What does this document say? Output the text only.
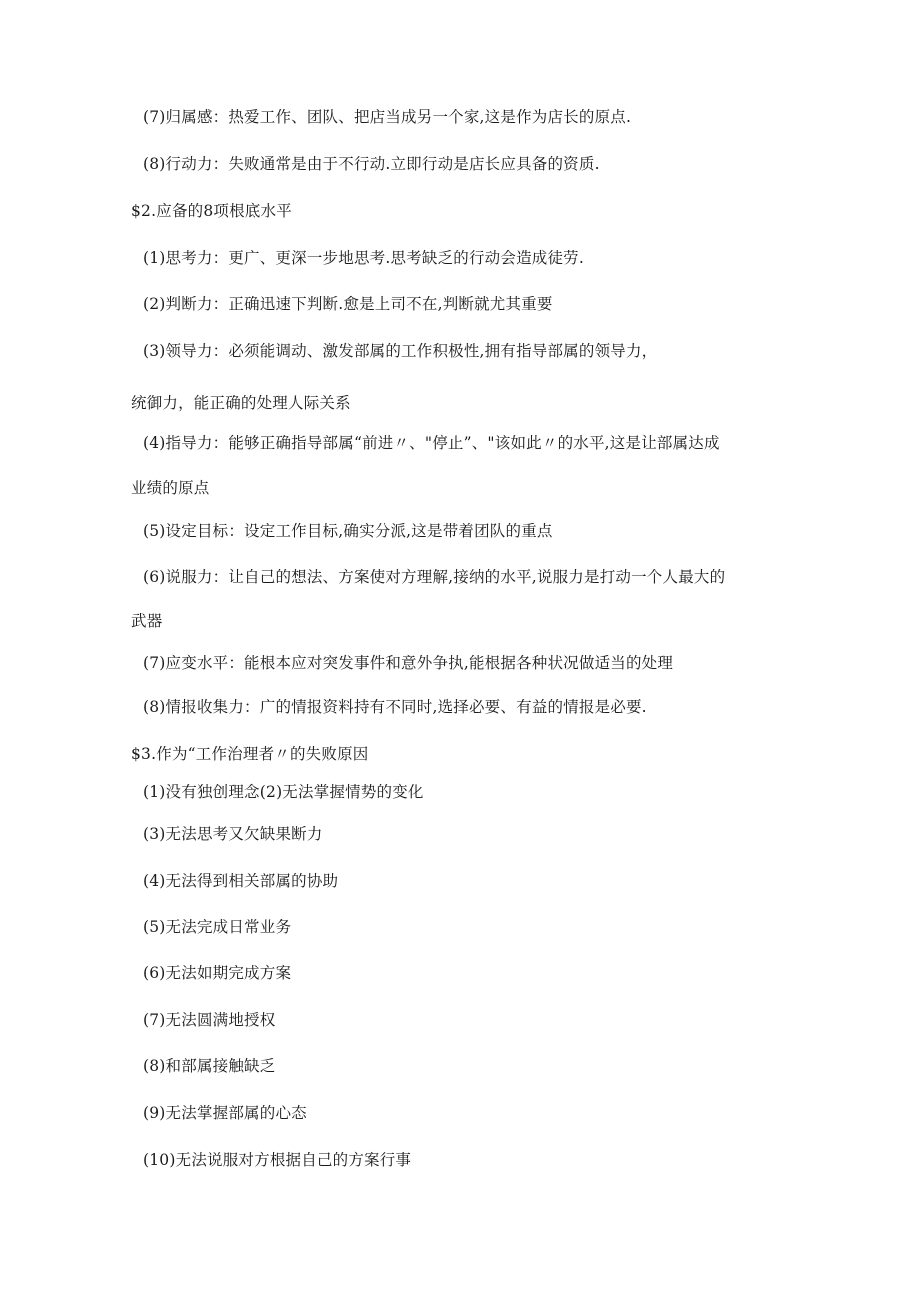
(7)归属感：热爱工作、团队、把店当成另一个家,这是作为店长的原点.
(8)行动力：失败通常是由于不行动.立即行动是店长应具备的资质.
$2.应备的8项根底水平
(1)思考力：更广、更深一步地思考.思考缺乏的行动会造成徒劳.
(2)判断力：正确迅速下判断.愈是上司不在,判断就尤其重要
(3)领导力：必须能调动、激发部属的工作积极性,拥有指导部属的领导力，
统御力，能正确的处理人际关系
(4)指导力：能够正确指导部属“前进〃、"停止”、"该如此〃的水平,这是让部属达成
业绩的原点
(5)设定目标：设定工作目标,确实分派,这是带着团队的重点
(6)说服力：让自己的想法、方案使对方理解,接纳的水平,说服力是打动一个人最大的
武器
(7)应变水平：能根本应对突发事件和意外争执,能根据各种状况做适当的处理
(8)情报收集力：广的情报资料持有不同时,选择必要、有益的情报是必要.
$3.作为“工作治理者〃的失败原因
(1)没有独创理念(2)无法掌握情势的变化
(3)无法思考又欠缺果断力
(4)无法得到相关部属的协助
(5)无法完成日常业务
(6)无法如期完成方案
(7)无法圆满地授权
(8)和部属接触缺乏
(9)无法掌握部属的心态
(10)无法说服对方根据自己的方案行事
